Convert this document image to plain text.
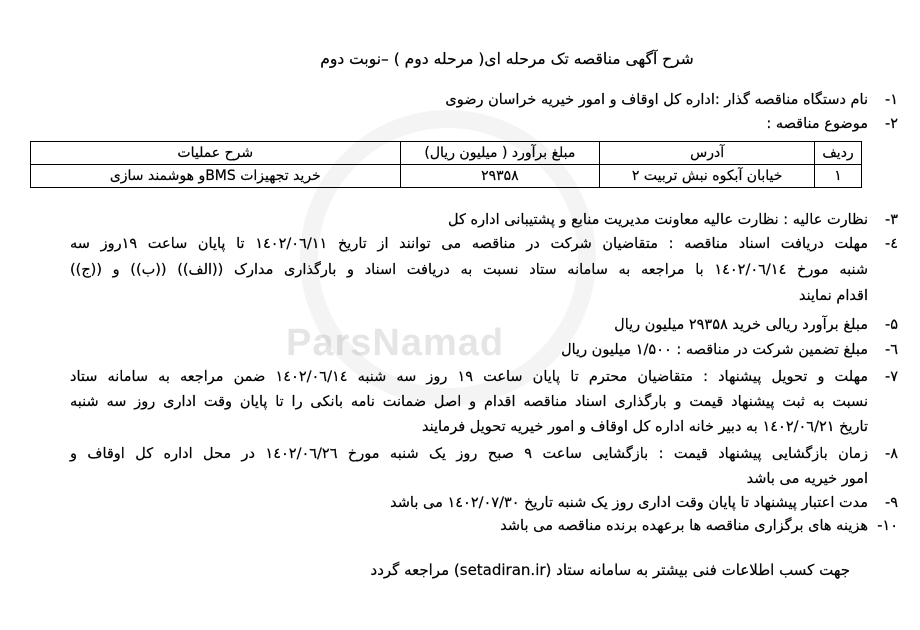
ParsNamad
شرح آگهی مناقصه تک مرحله ای( مرحله دوم ) –نوبت دوم
۱-
نام دستگاه مناقصه گذار :اداره کل اوقاف و امور خیریه خراسان رضوی
۲-
موضوع مناقصه :
ردیف	آدرس	مبلغ برآورد ( میلیون ریال)	شرح عملیات
۱	خیابان آبکوه نبش تربیت ۲	۲۹۳۵۸	خرید تجهیزات BMSو هوشمند سازی
۳-
نظارت عالیه : نظارت عالیه معاونت مدیریت منابع و پشتیبانی اداره کل
٤-
مهلت دریافت اسناد مناقصه : متقاضیان شرکت در مناقصه می توانند از تاریخ ۱٤۰۲/۰٦/۱۱ تا پایان ساعت ۱۹روز سه
شنبه مورخ ۱٤۰۲/۰٦/۱٤ با مراجعه به سامانه ستاد نسبت به دریافت اسناد و بارگذاری مدارک ((الف)) ((ب)) و ((ج))
اقدام نمایند
۵-
مبلغ برآورد ریالی خرید ۲۹۳۵۸ میلیون ریال
٦-
مبلغ تضمین شرکت در مناقصه : ۱/۵۰۰ میلیون ریال
۷-
مهلت و تحویل پیشنهاد : متقاضیان محترم تا پایان ساعت ۱۹ روز سه شنبه ۱٤۰۲/۰٦/۱٤ ضمن مراجعه به سامانه ستاد
نسبت به ثبت پیشنهاد قیمت و بارگذاری اسناد مناقصه اقدام و اصل ضمانت نامه بانکی را تا پایان وقت اداری روز سه شنبه
تاریخ ۱٤۰۲/۰٦/۲۱ به دبیر خانه اداره کل اوقاف و امور خیریه تحویل فرمایند
۸-
زمان بازگشایی پیشنهاد قیمت : بازگشایی ساعت ۹ صبح روز یک شنبه مورخ ۱٤۰۲/۰٦/۲٦ در محل اداره کل اوقاف و
امور خیریه می باشد
۹-
مدت اعتبار پیشنهاد تا پایان وقت اداری روز یک شنبه تاریخ ۱٤۰۲/۰۷/۳۰ می باشد
۱۰-
هزینه های برگزاری مناقصه ها برعهده برنده مناقصه می باشد
جهت کسب اطلاعات فنی بیشتر به سامانه ستاد (setadiran.ir) مراجعه گردد
